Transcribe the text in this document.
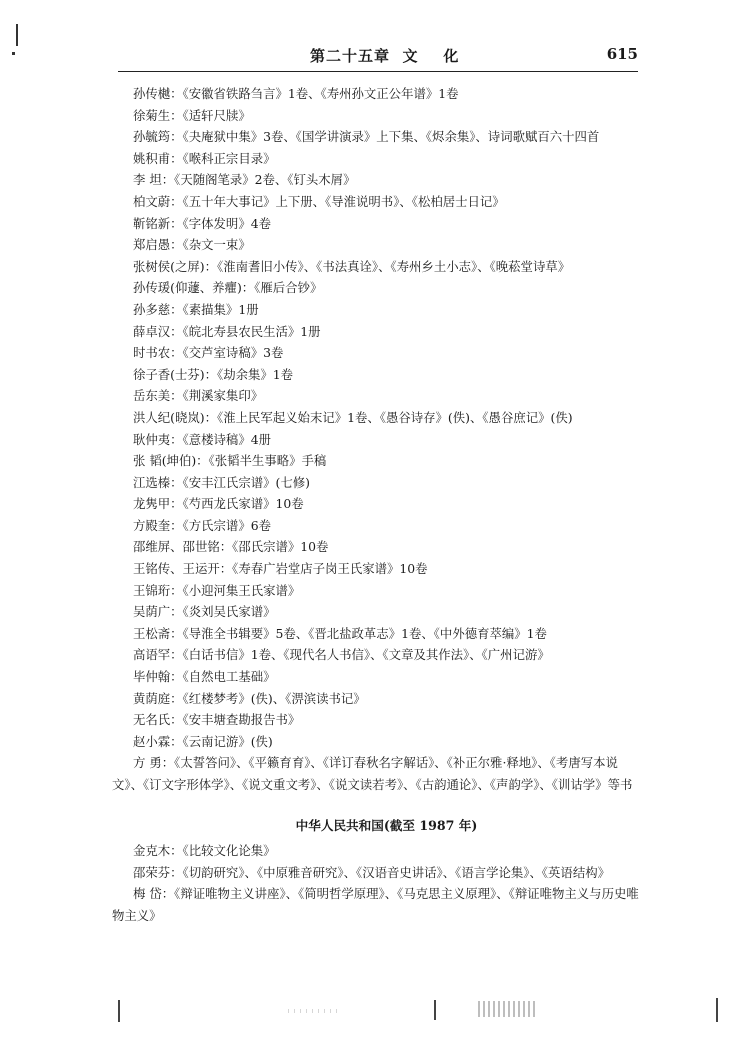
第二十五章  文    化	615

孙传樾：《安徽省铁路刍言》1卷、《寿州孙文正公年谱》1卷

徐菊生：《适轩尺牍》

孙毓筠：《夬庵狱中集》3卷、《国学讲演录》上下集、《烬余集》、诗词歌赋百六十四首

姚积甫：《喉科正宗目录》

李 坦：《天随阁笔录》2卷、《钉头木屑》

柏文蔚：《五十年大事记》上下册、《导淮说明书》、《松柏居士日记》

靳铭新：《字体发明》4卷

郑启愚：《杂文一束》

张树侯(之屏)：《淮南耆旧小传》、《书法真诠》、《寿州乡土小志》、《晚菘堂诗草》

孙传瑗(仰蘧、养癯)：《雁后合钞》

孙多慈：《素描集》1册

薛卓汉：《皖北寿县农民生活》1册

时书农：《交芦室诗稿》3卷

徐子香(士芬)：《劫余集》1卷

岳东美：《荆溪家集印》

洪人纪(晓岚)：《淮上民军起义始末记》1卷、《愚谷诗存》(佚)、《愚谷庶记》(佚)

耿仲夷：《意楼诗稿》4册

张 韬(坤伯)：《张韬半生事略》手稿

江选榛：《安丰江氏宗谱》(七修)

龙隽甲：《芍西龙氏家谱》10卷

方殿奎：《方氏宗谱》6卷

邵维屏、邵世铭：《邵氏宗谱》10卷

王铭传、王运开：《寿春广岩堂店子岗王氏家谱》10卷

王锦珩：《小迎河集王氏家谱》

吴荫广：《炎刘吴氏家谱》

王松斋：《导淮全书辑要》5卷、《晋北盐政革志》1卷、《中外德育萃编》1卷

高语罕：《白话书信》1卷、《现代名人书信》、《文章及其作法》、《广州记游》

毕仲翰：《自然电工基础》

黄荫庭：《红楼梦考》(佚)、《淠滨读书记》

无名氏：《安丰塘查勘报告书》

赵小霖：《云南记游》(佚)

方 勇：《太誓答问》、《平籁育育》、《详订春秋名字解话》、《补正尔雅·释地》、《考唐写本说文》、《订文字形体学》、《说文重文考》、《说文读若考》、《古韵通论》、《声韵学》、《训诂学》等书

中华人民共和国(截至 1987 年)

金克木：《比较文化论集》

邵荣芬：《切韵研究》、《中原雅音研究》、《汉语音史讲话》、《语言学论集》、《英语结构》

梅 岱：《辩证唯物主义讲座》、《简明哲学原理》、《马克思主义原理》、《辩证唯物主义与历史唯物主义》
